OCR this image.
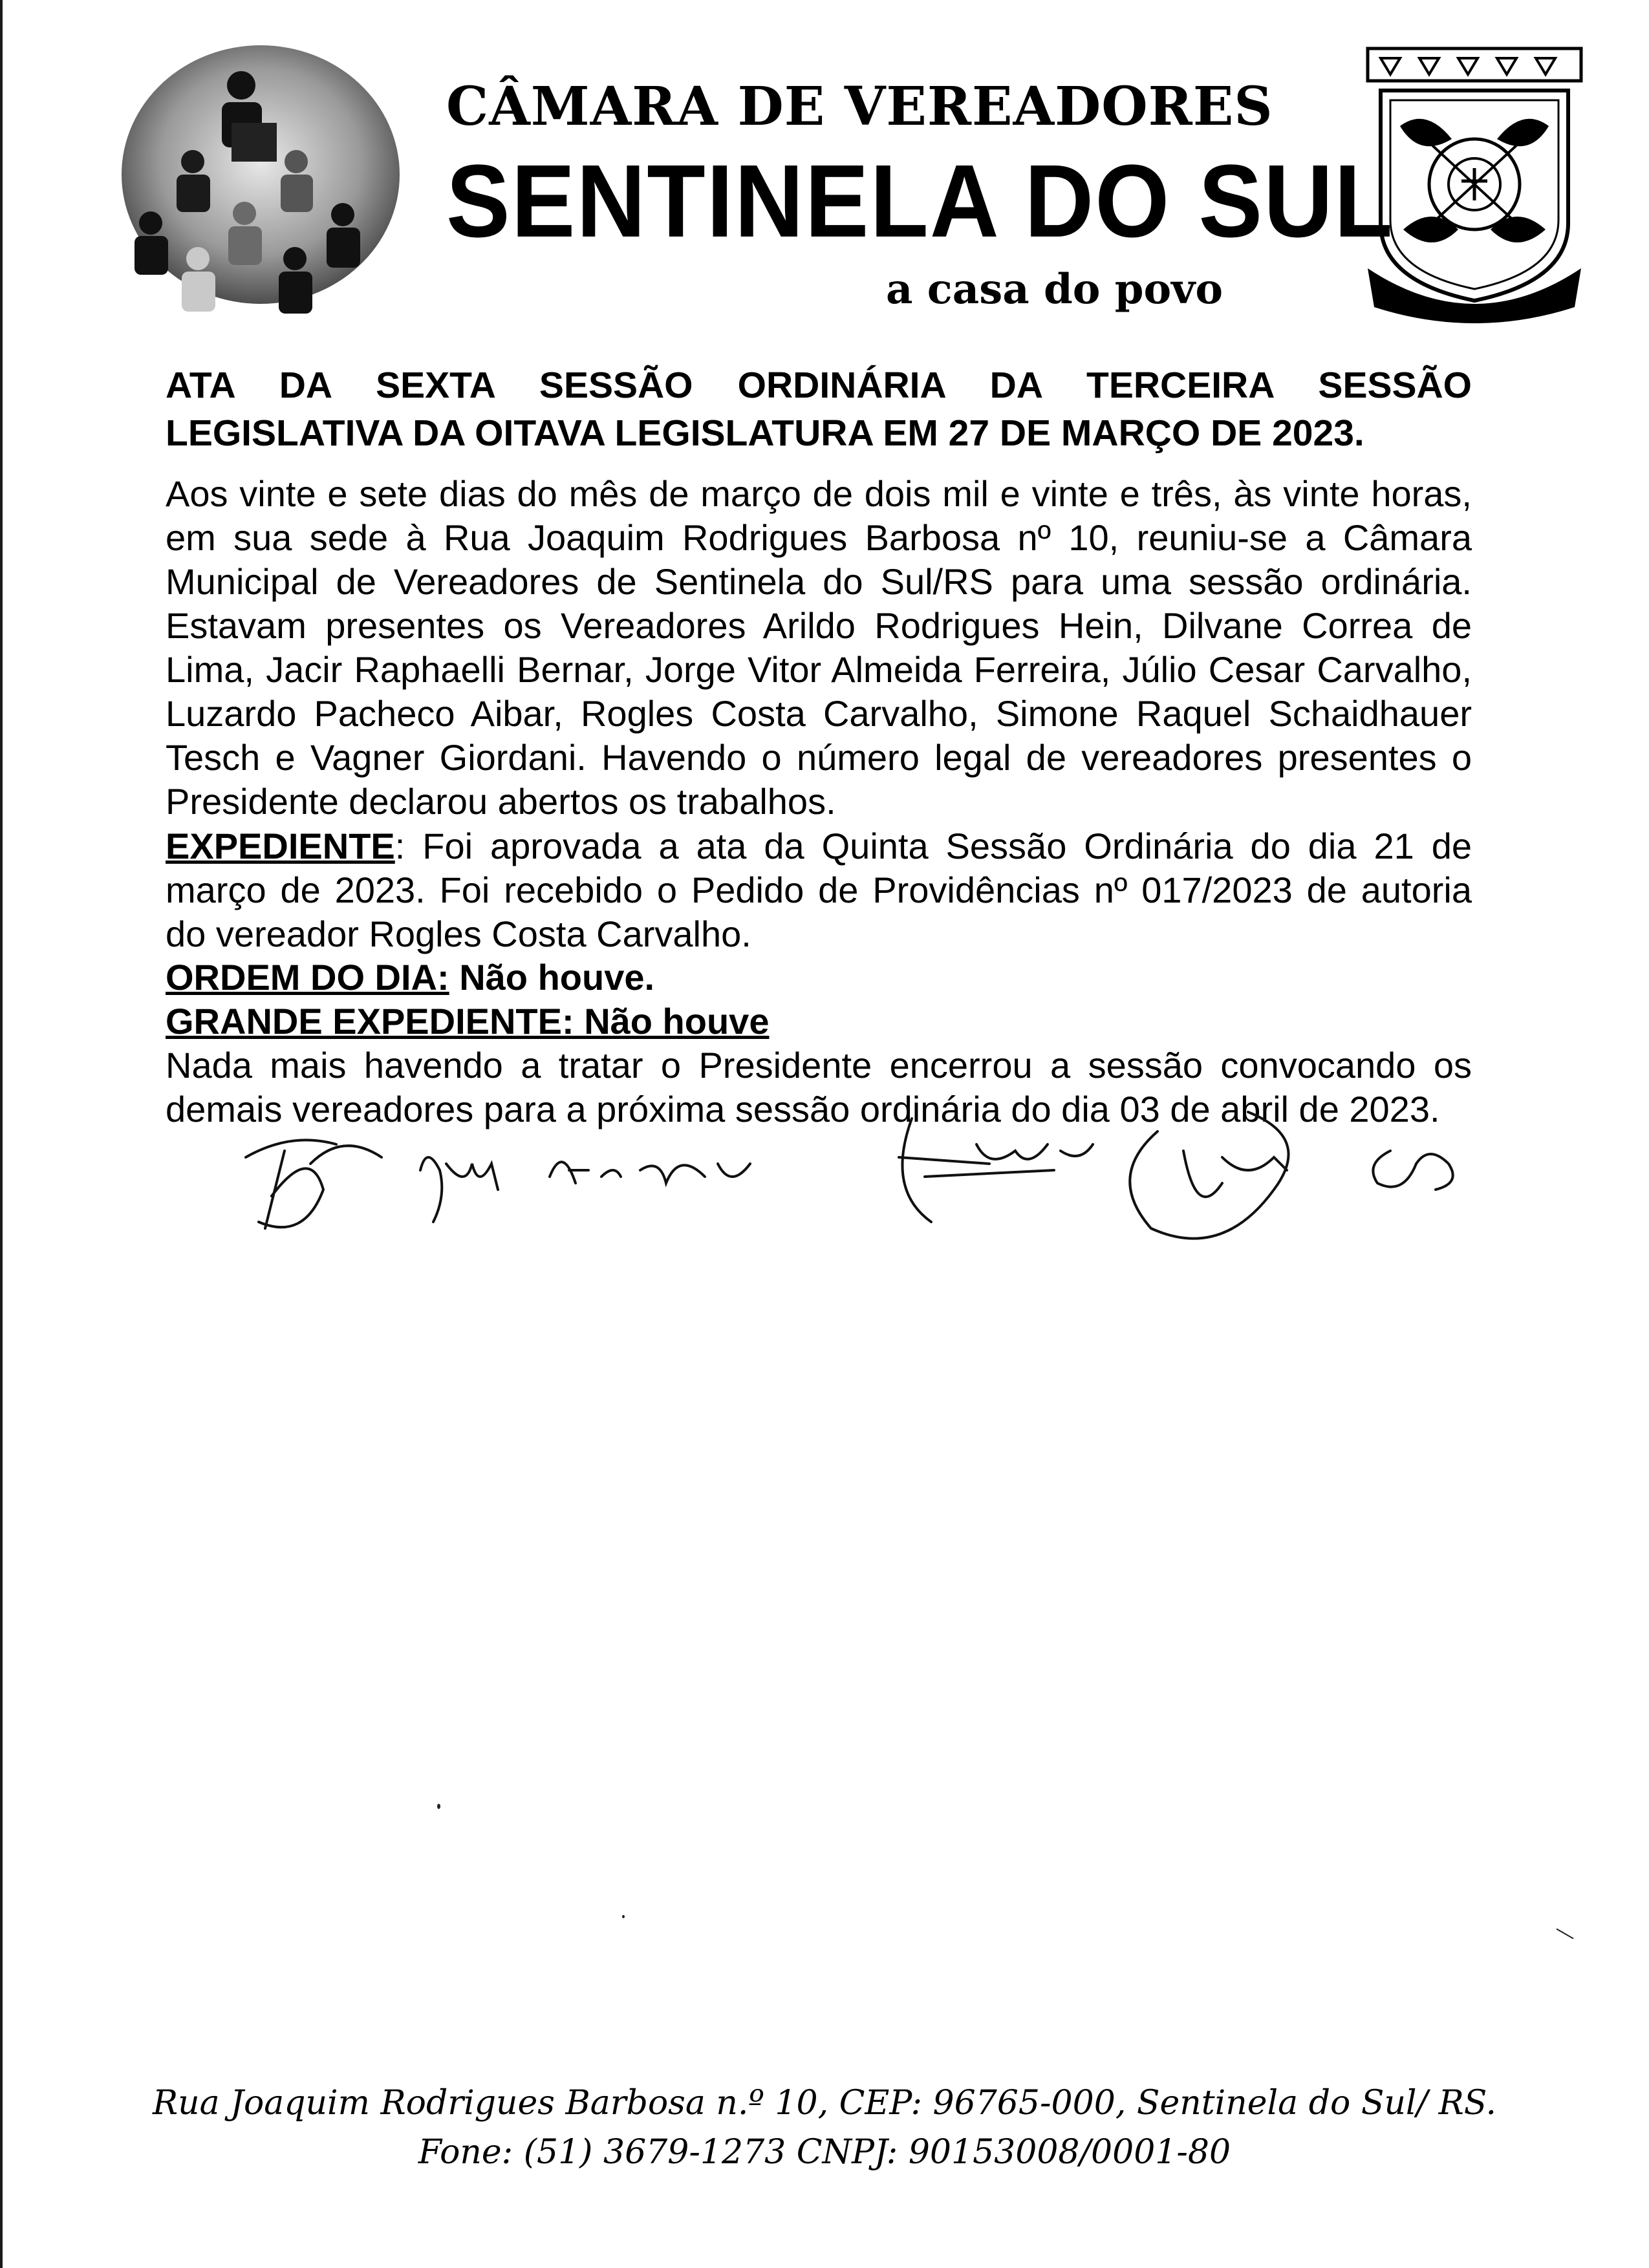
CÂMARA DE VEREADORES
SENTINELA DO SUL
a casa do povo
ATA DA SEXTA SESSÃO ORDINÁRIA DA TERCEIRA SESSÃO
LEGISLATIVA DA OITAVA LEGISLATURA EM 27 DE MARÇO DE 2023.
Aos vinte e sete dias do mês de março de dois mil e vinte e três, às vinte horas, em sua sede à Rua Joaquim Rodrigues Barbosa nº 10, reuniu-se a Câmara Municipal de Vereadores de Sentinela do Sul/RS para uma sessão ordinária. Estavam presentes os Vereadores Arildo Rodrigues Hein, Dilvane Correa de Lima, Jacir Raphaelli Bernar, Jorge Vitor Almeida Ferreira, Júlio Cesar Carvalho, Luzardo Pacheco Aibar, Rogles Costa Carvalho, Simone Raquel Schaidhauer Tesch e Vagner Giordani. Havendo o número legal de vereadores presentes o Presidente declarou abertos os trabalhos.
EXPEDIENTE: Foi aprovada a ata da Quinta Sessão Ordinária do dia 21 de março de 2023. Foi recebido o Pedido de Providências nº 017/2023 de autoria do vereador Rogles Costa Carvalho.
ORDEM DO DIA: Não houve.
GRANDE EXPEDIENTE: Não houve
Nada mais havendo a tratar o Presidente encerrou a sessão convocando os demais vereadores para a próxima sessão ordinária do dia 03 de abril de 2023.
Rua Joaquim Rodrigues Barbosa n.º 10, CEP: 96765-000, Sentinela do Sul/ RS.
Fone: (51) 3679-1273 CNPJ: 90153008/0001-80
